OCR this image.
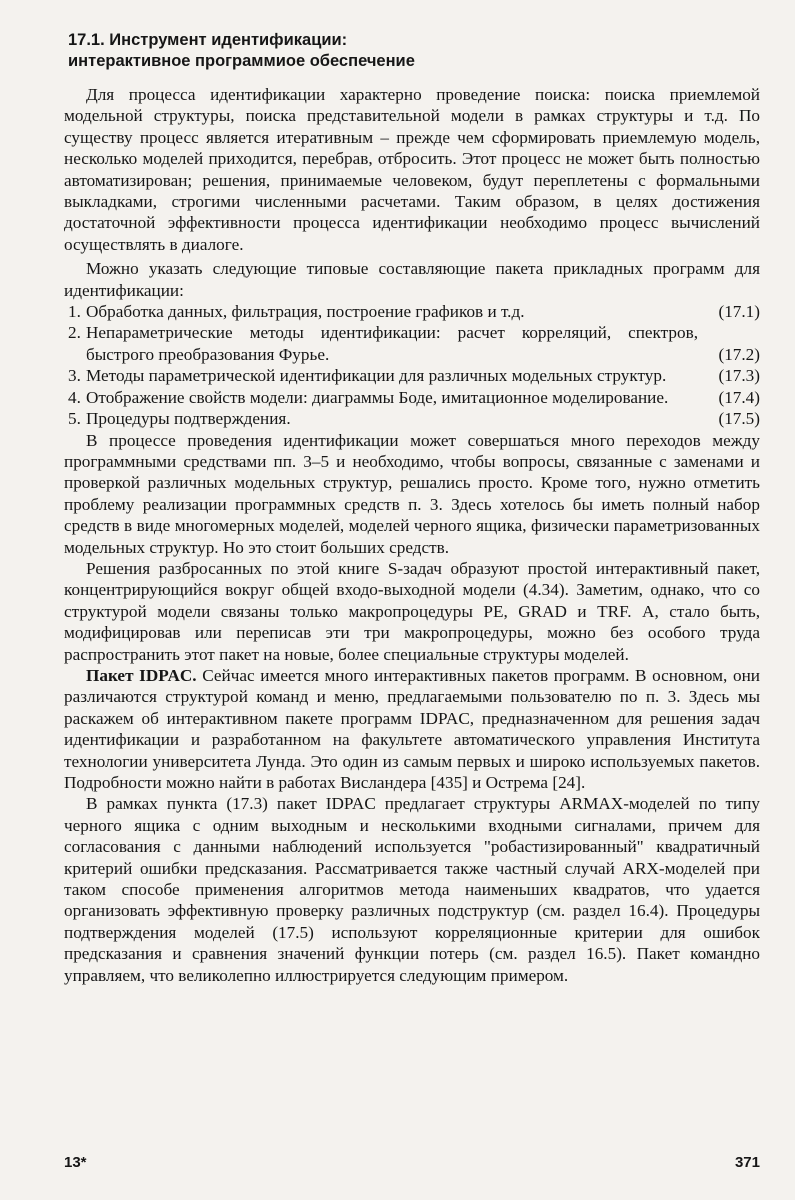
17.1. Инструмент идентификации:
интерактивное программиое обеспечение

Для процесса идентификации характерно проведение поиска: поиска приемлемой модельной структуры, поиска представительной модели в рамках структуры и т.д. По существу процесс является итеративным – прежде чем сформировать приемлемую модель, несколько моделей приходится, перебрав, отбросить. Этот процесс не может быть полностью автоматизирован; решения, принимаемые человеком, будут переплетены с формальными выкладками, строгими численными расчетами. Таким образом, в целях достижения достаточной эффективности процесса идентификации необходимо процесс вычислений осуществлять в диалоге.

Можно указать следующие типовые составляющие пакета прикладных программ для идентификации:

1. Обработка данных, фильтрация, построение графиков и т.д.	(17.1)
2. Непараметрические методы идентификации: расчет корреляций, спектров, быстрого преобразования Фурье.	(17.2)
3. Методы параметрической идентификации для различных модельных структур.	(17.3)
4. Отображение свойств модели: диаграммы Боде, имитационное моделирование.	(17.4)
5. Процедуры подтверждения.	(17.5)

В процессе проведения идентификации может совершаться много переходов между программными средствами пп. 3–5 и необходимо, чтобы вопросы, связанные с заменами и проверкой различных модельных структур, решались просто. Кроме того, нужно отметить проблему реализации программных средств п. 3. Здесь хотелось бы иметь полный набор средств в виде многомерных моделей, моделей черного ящика, физически параметризованных модельных структур. Но это стоит больших средств.

Решения разбросанных по этой книге S-задач образуют простой интерактивный пакет, концентрирующийся вокруг общей входо-выходной модели (4.34). Заметим, однако, что со структурой модели связаны только макропроцедуры PE, GRAD и TRF. А, стало быть, модифицировав или переписав эти три макропроцедуры, можно без особого труда распространить этот пакет на новые, более специальные структуры моделей.

Пакет IDPAC. Сейчас имеется много интерактивных пакетов программ. В основном, они различаются структурой команд и меню, предлагаемыми пользователю по п. 3. Здесь мы раскажем об интерактивном пакете программ IDPAC, предназначенном для решения задач идентификации и разработанном на факультете автоматического управления Института технологии университета Лунда. Это один из самым первых и широко используемых пакетов. Подробности можно найти в работах Висландера [435] и Острема [24].

В рамках пункта (17.3) пакет IDPAC предлагает структуры ARMAX-моделей по типу черного ящика с одним выходным и несколькими входными сигналами, причем для согласования с данными наблюдений используется "робастизированный" квадратичный критерий ошибки предсказания. Рассматривается также частный случай ARX-моделей при таком способе применения алгоритмов метода наименьших квадратов, что удается организовать эффективную проверку различных подструктур (см. раздел 16.4). Процедуры подтверждения моделей (17.5) используют корреляционные критерии для ошибок предсказания и сравнения значений функции потерь (см. раздел 16.5). Пакет командно управляем, что великолепно иллюстрируется следующим примером.

13*	371
